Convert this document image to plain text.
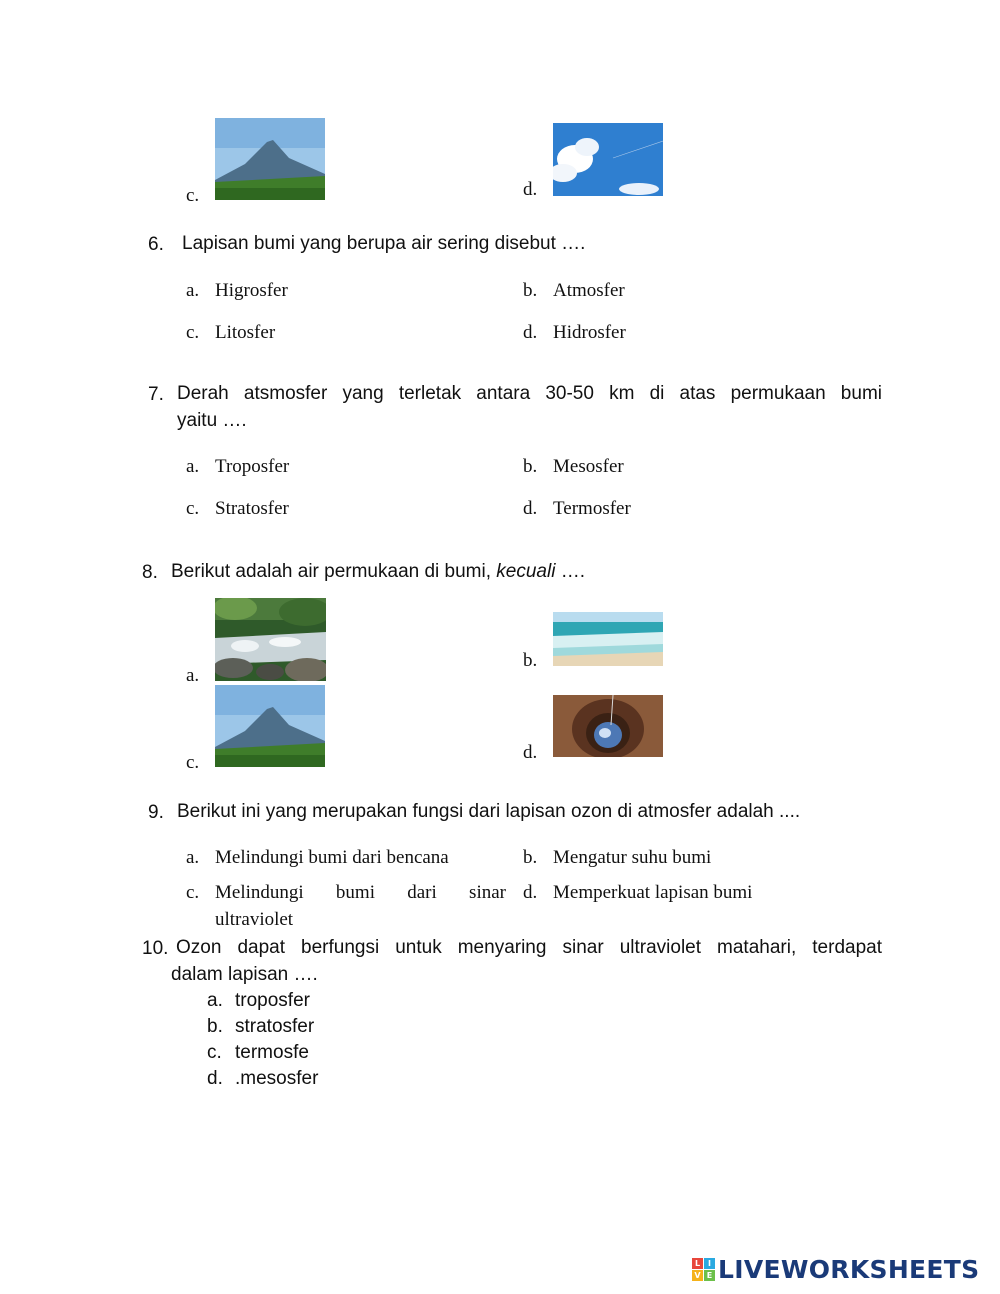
c.	d.
6. Lapisan bumi yang berupa air sering disebut ….
a. Higrosfer	b. Atmosfer
c. Litosfer	d. Hidrosfer
7. Derah atsmosfer yang terletak antara 30-50 km di atas permukaan bumi
yaitu ….
a. Troposfer	b. Mesosfer
c. Stratosfer	d. Termosfer
8. Berikut adalah air permukaan di bumi, kecuali ….
a.
b.
c.	d.
9. Berikut ini yang merupakan fungsi dari lapisan ozon di atmosfer adalah ....
a. Melindungi bumi dari bencana	b. Mengatur suhu bumi
c. Melindungi bumi dari sinar
ultraviolet
d. Memperkuat lapisan bumi
10. Ozon dapat berfungsi untuk menyaring sinar ultraviolet matahari, terdapat
dalam lapisan ….
a. troposfer
b. stratosfer
c. termosfe
d. .mesosfer
L I
V E LIVEWORKSHEETS
